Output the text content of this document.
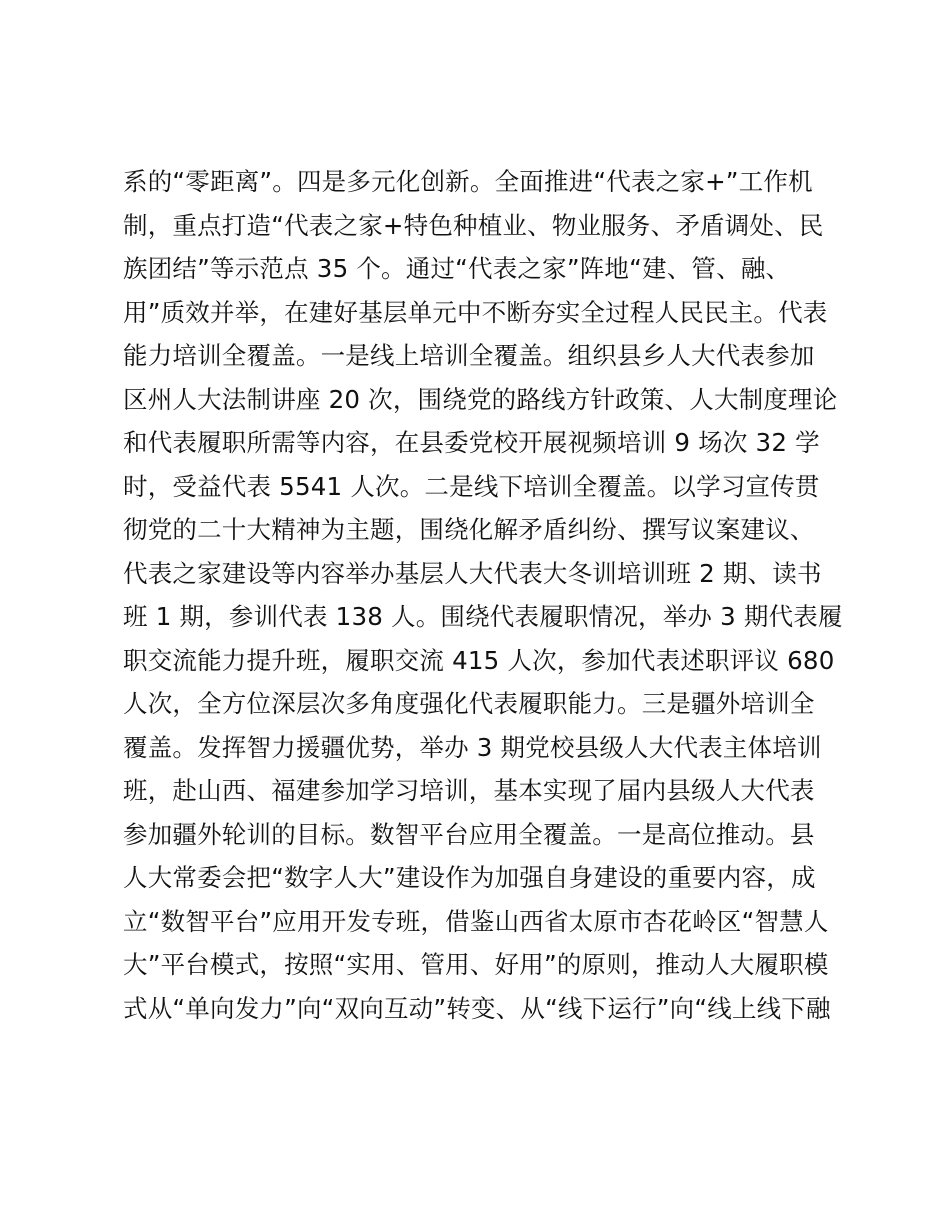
系的“零距离”。四是多元化创新。全面推进“代表之家+”工作机
制，重点打造“代表之家+特色种植业、物业服务、矛盾调处、民
族团结”等示范点 35 个。通过“代表之家”阵地“建、管、融、
用”质效并举，在建好基层单元中不断夯实全过程人民民主。代表
能力培训全覆盖。一是线上培训全覆盖。组织县乡人大代表参加
区州人大法制讲座 20 次，围绕党的路线方针政策、人大制度理论
和代表履职所需等内容，在县委党校开展视频培训 9 场次 32 学
时，受益代表 5541 人次。二是线下培训全覆盖。以学习宣传贯
彻党的二十大精神为主题，围绕化解矛盾纠纷、撰写议案建议、
代表之家建设等内容举办基层人大代表大冬训培训班 2 期、读书
班 1 期，参训代表 138 人。围绕代表履职情况，举办 3 期代表履
职交流能力提升班，履职交流 415 人次，参加代表述职评议 680
人次，全方位深层次多角度强化代表履职能力。三是疆外培训全
覆盖。发挥智力援疆优势，举办 3 期党校县级人大代表主体培训
班，赴山西、福建参加学习培训，基本实现了届内县级人大代表
参加疆外轮训的目标。数智平台应用全覆盖。一是高位推动。县
人大常委会把“数字人大”建设作为加强自身建设的重要内容，成
立“数智平台”应用开发专班，借鉴山西省太原市杏花岭区“智慧人
大”平台模式，按照“实用、管用、好用”的原则，推动人大履职模
式从“单向发力”向“双向互动”转变、从“线下运行”向“线上线下融
